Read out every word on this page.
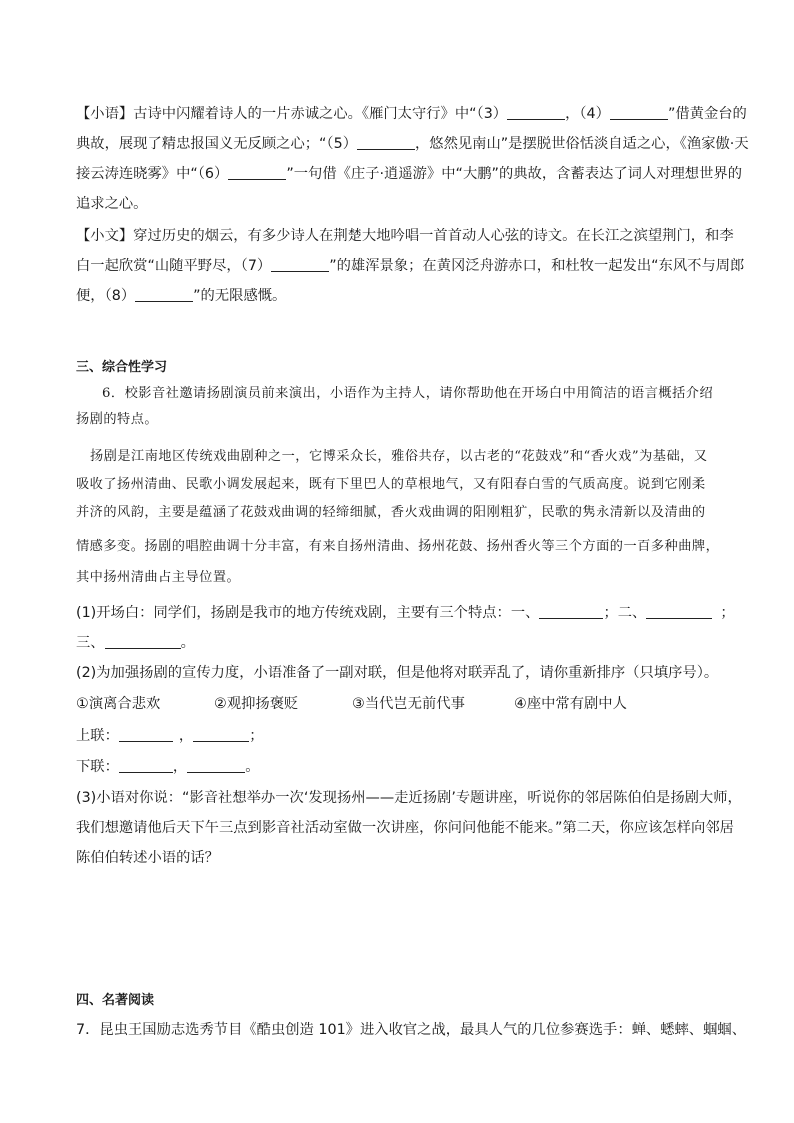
【小语】古诗中闪耀着诗人的一片赤诚之心。《雁门太守行》中“（3）	，（4）	”借黄金台的
典故，展现了精忠报国义无反顾之心；“（5）	，悠然见南山”是摆脱世俗恬淡自适之心，《渔家傲·天
接云涛连晓雾》中“（6）	”一句借《庄子·逍遥游》中“大鹏”的典故，含蓄表达了词人对理想世界的
追求之心。
【小文】穿过历史的烟云，有多少诗人在荆楚大地吟唱一首首动人心弦的诗文。在长江之滨望荆门，和李
白一起欣赏“山随平野尽，（7）	”的雄浑景象；在黄冈泛舟游赤口，和杜牧一起发出“东风不与周郎
便，（8）	”的无限感慨。
三、综合性学习
6．校影音社邀请扬剧演员前来演出，小语作为主持人，请你帮助他在开场白中用简洁的语言概括介绍
扬剧的特点。
扬剧是江南地区传统戏曲剧种之一，它博采众长，雅俗共存，以古老的“花鼓戏”和“香火戏”为基础，又
吸收了扬州清曲、民歌小调发展起来，既有下里巴人的草根地气，又有阳春白雪的气质高度。说到它刚柔
并济的风韵，主要是蕴涵了花鼓戏曲调的轻缔细腻，香火戏曲调的阳刚粗犷，民歌的隽永清新以及清曲的
情感多变。扬剧的唱腔曲调十分丰富，有来自扬州清曲、扬州花鼓、扬州香火等三个方面的一百多种曲牌，
其中扬州清曲占主导位置。
(1)开场白：同学们，扬剧是我市的地方传统戏剧，主要有三个特点：一、	；二、	；
三、	。
(2)为加强扬剧的宣传力度，小语准备了一副对联，但是他将对联弄乱了，请你重新排序（只填序号）。
①演离合悲欢	②观抑扬褒贬	③当代岂无前代事	④座中常有剧中人
上联：	，	；
下联：	，	。
(3)小语对你说：“影音社想举办一次‘发现扬州——走近扬剧’专题讲座，听说你的邻居陈伯伯是扬剧大师，
我们想邀请他后天下午三点到影音社活动室做一次讲座，你问问他能不能来。”第二天，你应该怎样向邻居
陈伯伯转述小语的话？
四、名著阅读
7．昆虫王国励志选秀节目《酷虫创造 101》进入收官之战，最具人气的几位参赛选手：蝉、蟋蟀、蝈蝈、
